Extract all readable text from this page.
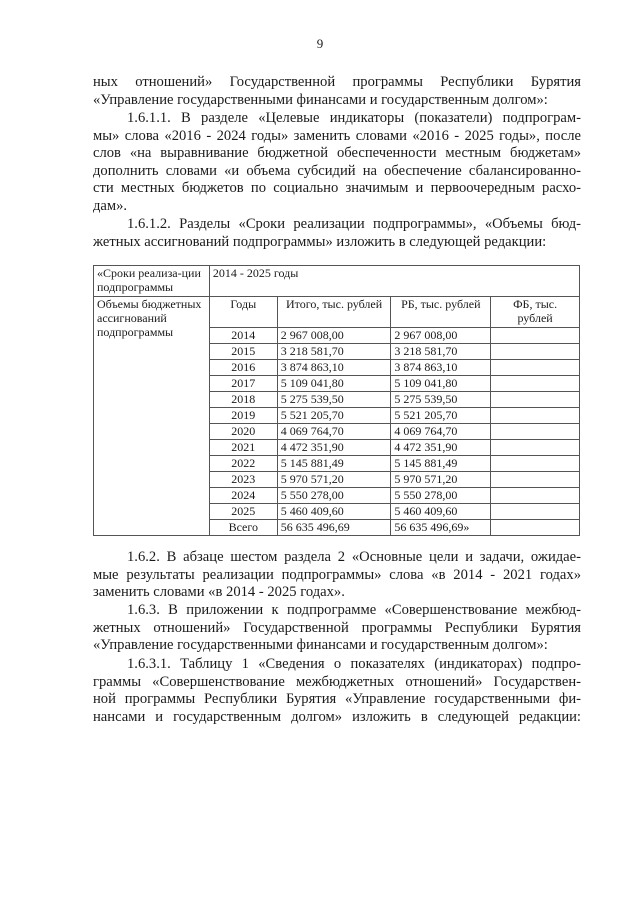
9
ных отношений» Государственной программы Республики Бурятия
«Управление государственными финансами и государственным долгом»:
1.6.1.1. В разделе «Целевые индикаторы (показатели) подпрограм-
мы» слова «2016 - 2024 годы» заменить словами «2016 - 2025 годы», после
слов «на выравнивание бюджетной обеспеченности местным бюджетам»
дополнить словами «и объема субсидий на обеспечение сбалансированно-
сти местных бюджетов по социально значимым и первоочередным расхо-
дам».
1.6.1.2. Разделы «Сроки реализации подпрограммы», «Объемы бюд-
жетных ассигнований подпрограммы» изложить в следующей редакции:
«Сроки реализа-ции подпрограммы	2014 - 2025 годы			
Объемы бюджетных ассигнований подпрограммы	Годы	Итого, тыс. рублей	РБ, тыс. рублей	ФБ, тыс. рублей
	2014	2 967 008,00	2 967 008,00	
	2015	3 218 581,70	3 218 581,70	
	2016	3 874 863,10	3 874 863,10	
	2017	5 109 041,80	5 109 041,80	
	2018	5 275 539,50	5 275 539,50	
	2019	5 521 205,70	5 521 205,70	
	2020	4 069 764,70	4 069 764,70	
	2021	4 472 351,90	4 472 351,90	
	2022	5 145 881,49	5 145 881,49	
	2023	5 970 571,20	5 970 571,20	
	2024	5 550 278,00	5 550 278,00	
	2025	5 460 409,60	5 460 409,60	
	Всего	56 635 496,69	56 635 496,69»	
1.6.2. В абзаце шестом раздела 2 «Основные цели и задачи, ожидае-
мые результаты реализации подпрограммы» слова «в 2014 - 2021 годах»
заменить словами «в 2014 - 2025 годах».
1.6.3. В приложении к подпрограмме «Совершенствование межбюд-
жетных отношений» Государственной программы Республики Бурятия
«Управление государственными финансами и государственным долгом»:
1.6.3.1. Таблицу 1 «Сведения о показателях (индикаторах) подпро-
граммы «Совершенствование межбюджетных отношений» Государствен-
ной программы Республики Бурятия «Управление государственными фи-
нансами и государственным долгом» изложить в следующей редакции:
